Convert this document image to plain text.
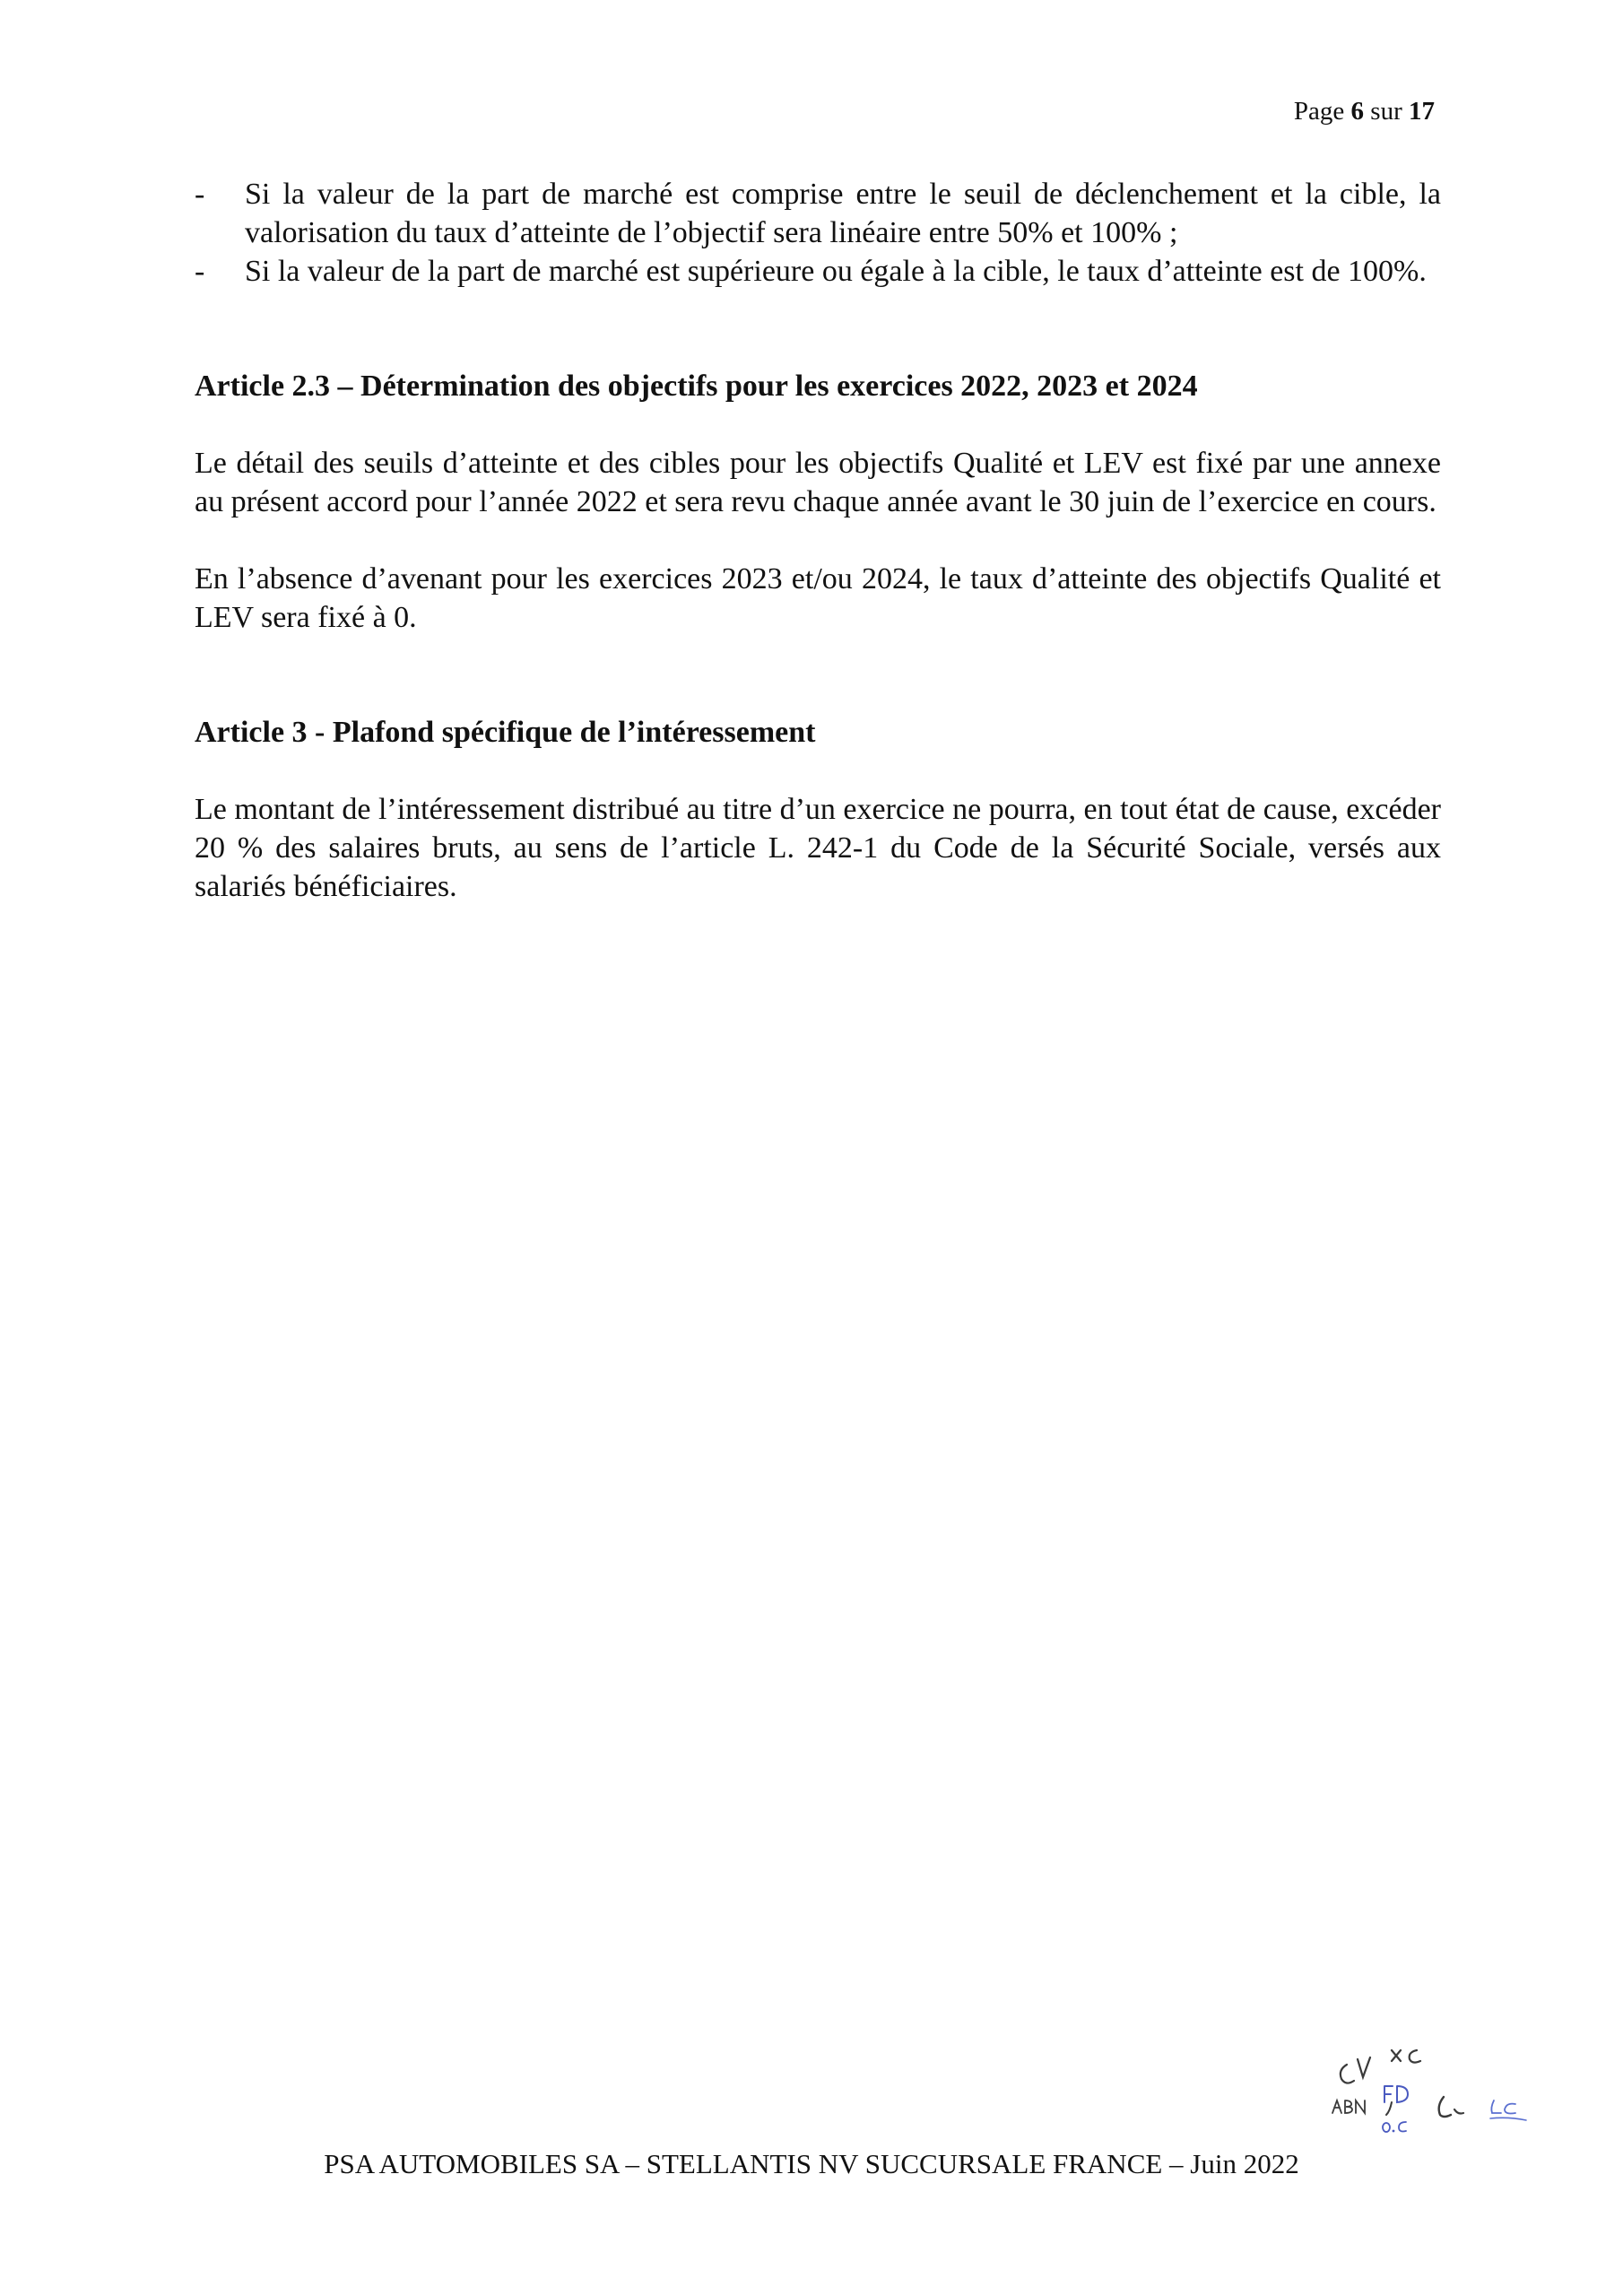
Page 6 sur 17
- Si la valeur de la part de marché est comprise entre le seuil de déclenchement et la cible, la valorisation du taux d’atteinte de l’objectif sera linéaire entre 50% et 100% ;
- Si la valeur de la part de marché est supérieure ou égale à la cible, le taux d’atteinte est de 100%.
Article 2.3 – Détermination des objectifs pour les exercices 2022, 2023 et 2024

Le détail des seuils d’atteinte et des cibles pour les objectifs Qualité et LEV est fixé par une annexe au présent accord pour l’année 2022 et sera revu chaque année avant le 30 juin de l’exercice en cours.

En l’absence d’avenant pour les exercices 2023 et/ou 2024, le taux d’atteinte des objectifs Qualité et LEV sera fixé à 0.

Article 3 - Plafond spécifique de l’intéressement

Le montant de l’intéressement distribué au titre d’un exercice ne pourra, en tout état de cause, excéder 20 % des salaires bruts, au sens de l’article L. 242-1 du Code de la Sécurité Sociale, versés aux salariés bénéficiaires.

PSA AUTOMOBILES SA – STELLANTIS NV SUCCURSALE FRANCE – Juin 2022
